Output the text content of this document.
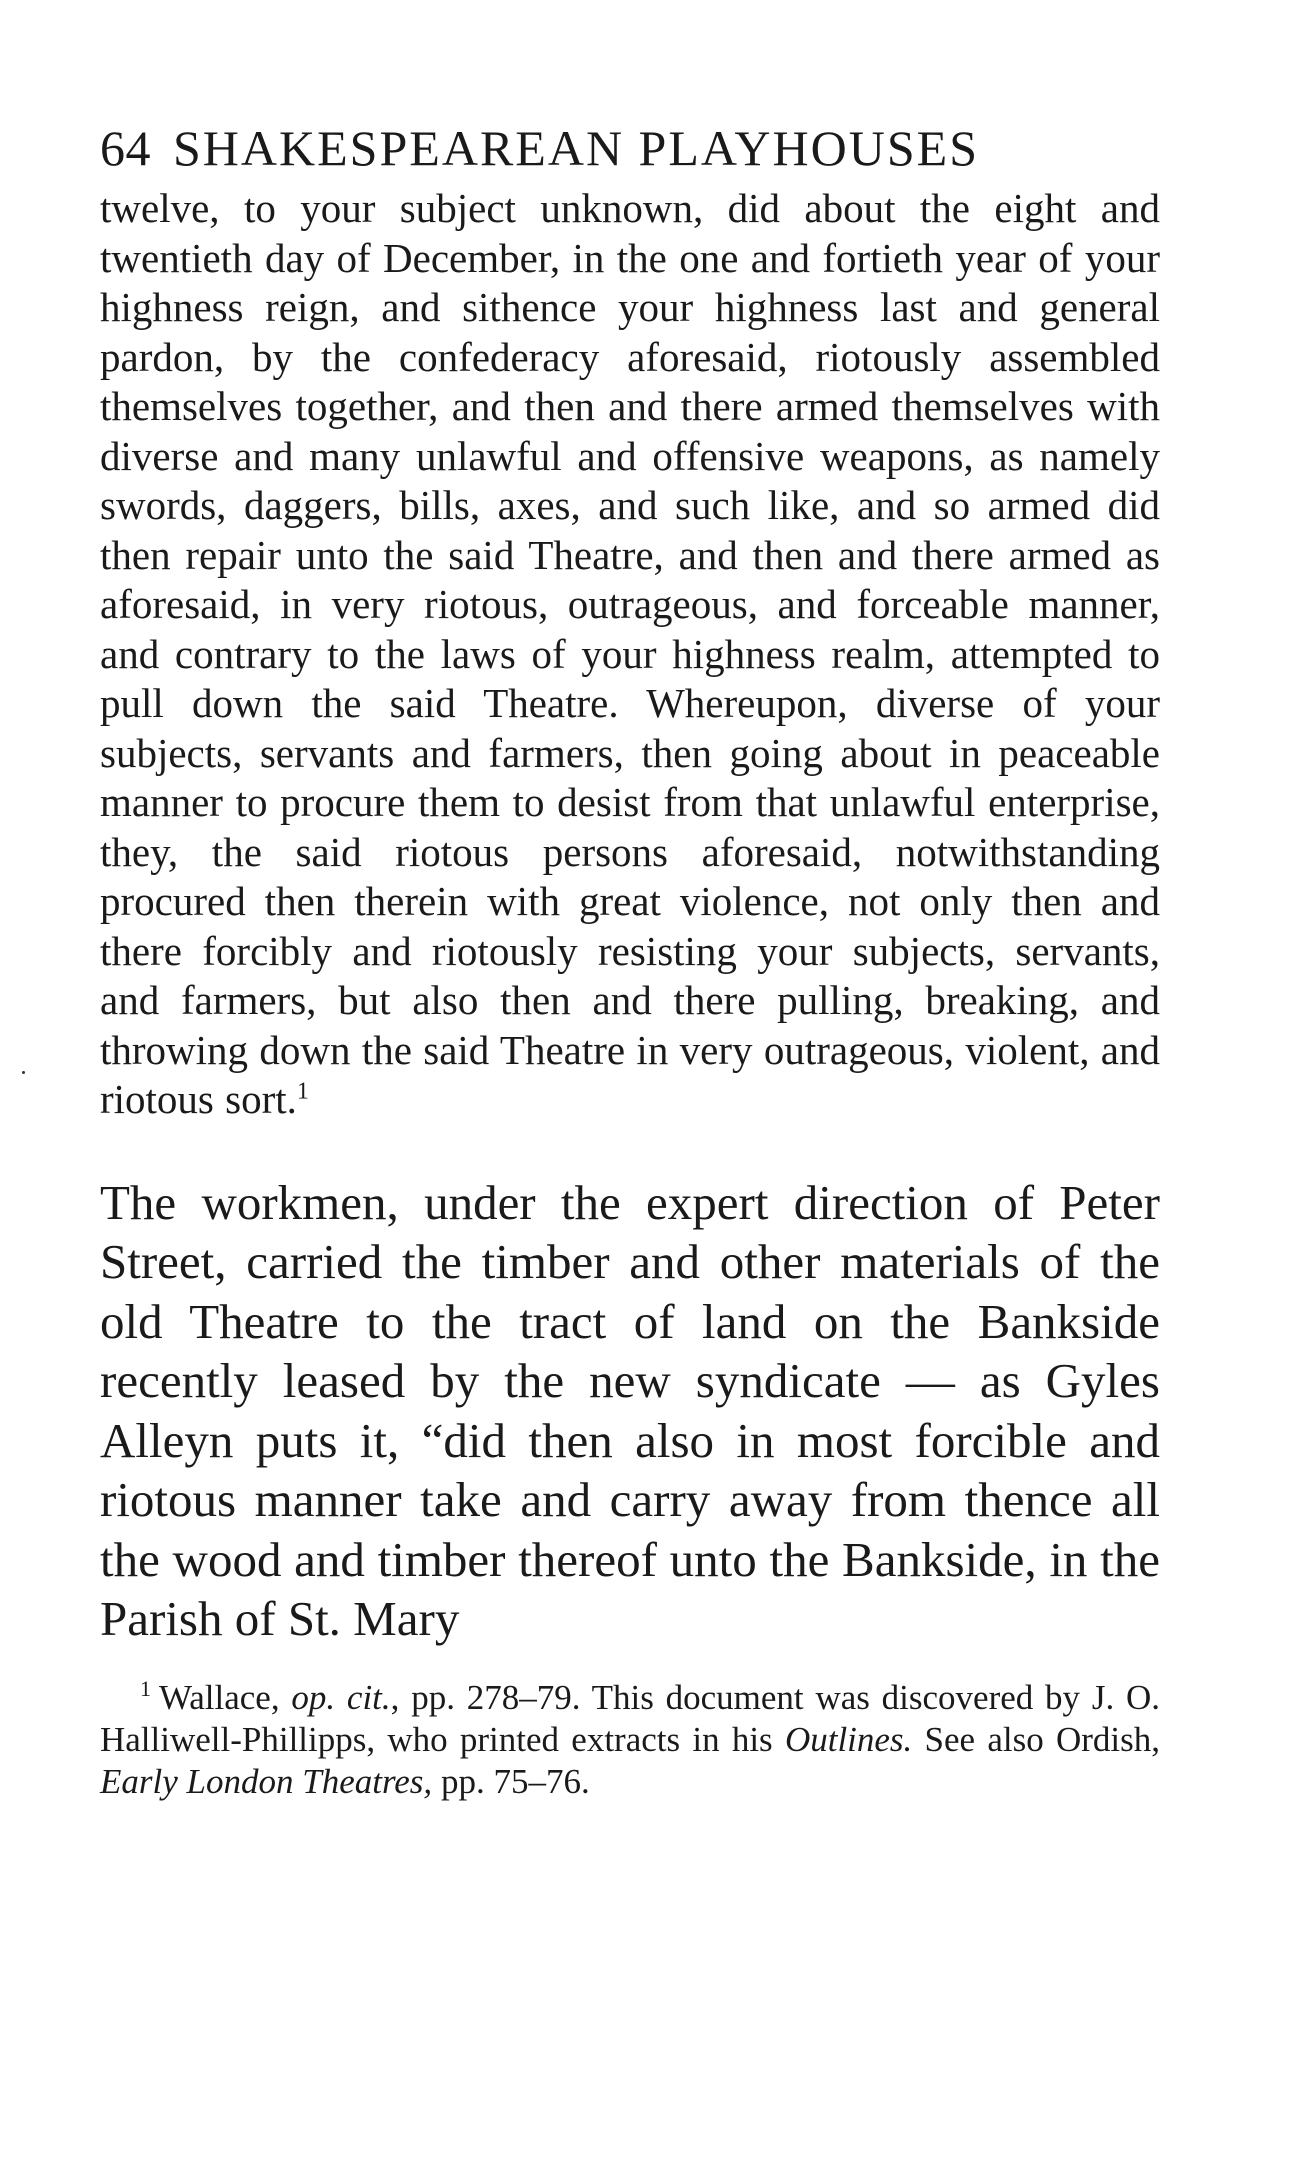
64 SHAKESPEAREAN PLAYHOUSES

twelve, to your subject unknown, did about the eight and twentieth day of December, in the one and fortieth year of your highness reign, and sithence your highness last and general pardon, by the confederacy aforesaid, riotously assembled themselves together, and then and there armed themselves with diverse and many unlawful and offensive weapons, as namely swords, daggers, bills, axes, and such like, and so armed did then repair unto the said Theatre, and then and there armed as aforesaid, in very riotous, outrageous, and forceable manner, and contrary to the laws of your highness realm, attempted to pull down the said Theatre. Whereupon, diverse of your subjects, servants and farmers, then going about in peaceable manner to procure them to desist from that unlawful enterprise, they, the said riotous persons aforesaid, notwithstanding procured then therein with great violence, not only then and there forcibly and riotously resisting your subjects, servants, and farmers, but also then and there pulling, breaking, and throwing down the said Theatre in very outrageous, violent, and riotous sort.$^1$

The workmen, under the expert direction of Peter Street, carried the timber and other materials of the old Theatre to the tract of land on the Bankside recently leased by the new syndicate — as Gyles Alleyn puts it, “did then also in most forcible and riotous manner take and carry away from thence all the wood and timber thereof unto the Bankside, in the Parish of St. Mary

$^1$ Wallace, op. cit., pp. 278–79. This document was discovered by J. O. Halliwell-Phillipps, who printed extracts in his Outlines. See also Ordish, Early London Theatres, pp. 75–76.
